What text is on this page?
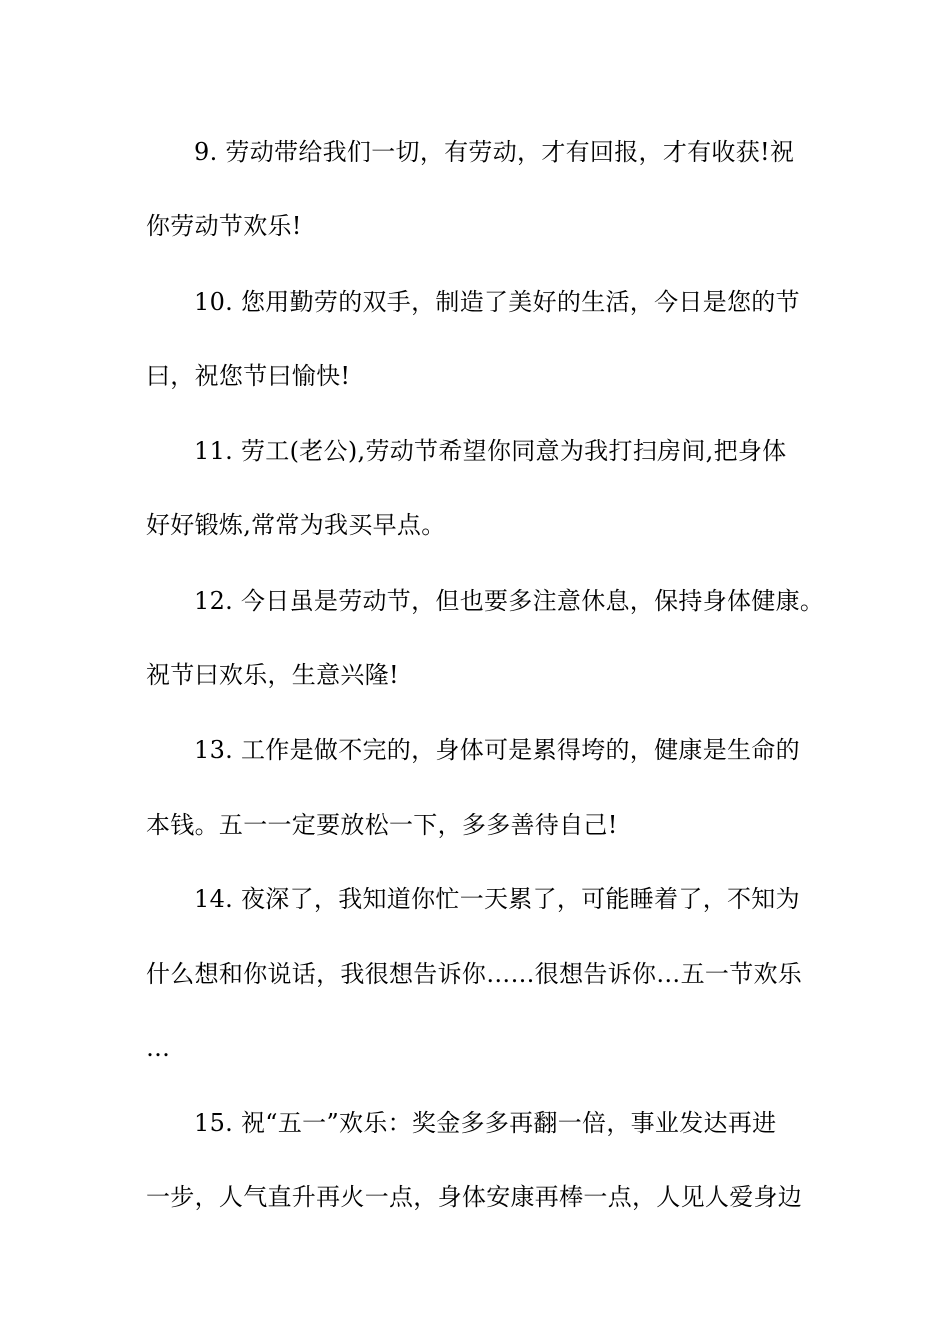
9. 劳动带给我们一切，有劳动，才有回报，才有收获!祝
你劳动节欢乐!
10. 您用勤劳的双手，制造了美好的生活，今日是您的节
曰，祝您节曰愉快!
11. 劳工(老公),劳动节希望你同意为我打扫房间,把身体
好好锻炼,常常为我买早点。
12. 今日虽是劳动节，但也要多注意休息，保持身体健康。
祝节曰欢乐，生意兴隆!
13. 工作是做不完的，身体可是累得垮的，健康是生命的
本钱。五一一定要放松一下，多多善待自己!
14. 夜深了，我知道你忙一天累了，可能睡着了，不知为
什么想和你说话，我很想告诉你……很想告诉你…五一节欢乐
…
15. 祝“五一”欢乐：奖金多多再翻一倍，事业发达再进
一步，人气直升再火一点，身体安康再棒一点，人见人爱身边
